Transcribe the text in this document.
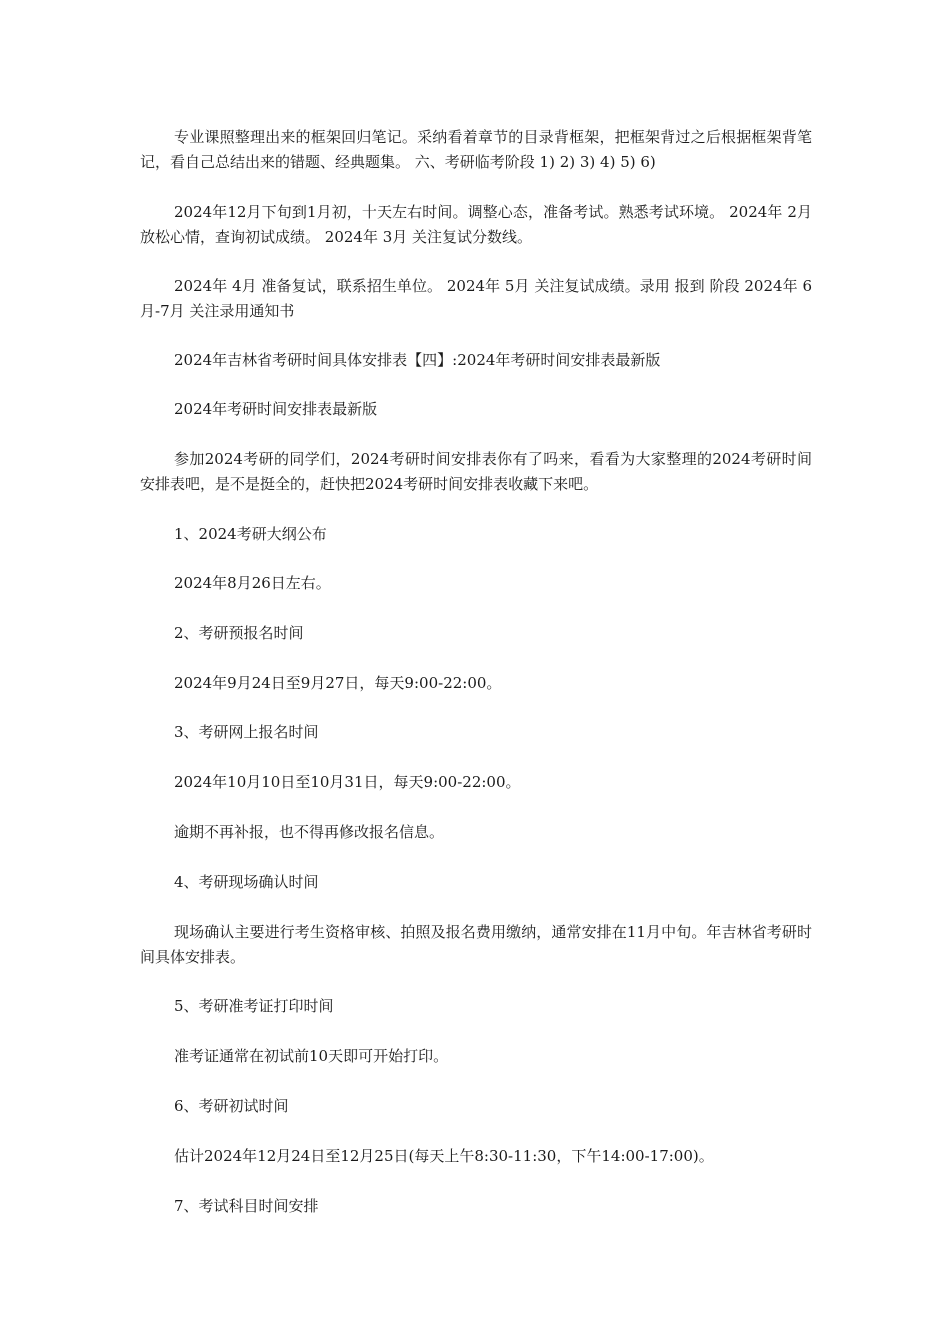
专业课照整理出来的框架回归笔记。采纳看着章节的目录背框架，把框架背过之后根据框架背笔记，看自己总结出来的错题、经典题集。 六、考研临考阶段 1) 2) 3) 4) 5) 6)

2024年12月下旬到1月初，十天左右时间。调整心态，准备考试。熟悉考试环境。 2024年 2月 放松心情，查询初试成绩。 2024年 3月 关注复试分数线。

2024年 4月 准备复试，联系招生单位。 2024年 5月 关注复试成绩。录用 报到 阶段 2024年 6月-7月 关注录用通知书

2024年吉林省考研时间具体安排表【四】:2024年考研时间安排表最新版

2024年考研时间安排表最新版

参加2024考研的同学们，2024考研时间安排表你有了吗来，看看为大家整理的2024考研时间安排表吧，是不是挺全的，赶快把2024考研时间安排表收藏下来吧。

1、2024考研大纲公布

2024年8月26日左右。

2、考研预报名时间

2024年9月24日至9月27日，每天9:00-22:00。

3、考研网上报名时间

2024年10月10日至10月31日，每天9:00-22:00。

逾期不再补报，也不得再修改报名信息。

4、考研现场确认时间

现场确认主要进行考生资格审核、拍照及报名费用缴纳，通常安排在11月中旬。年吉林省考研时间具体安排表。

5、考研准考证打印时间

准考证通常在初试前10天即可开始打印。

6、考研初试时间

估计2024年12月24日至12月25日(每天上午8:30-11:30，下午14:00-17:00)。

7、考试科目时间安排
